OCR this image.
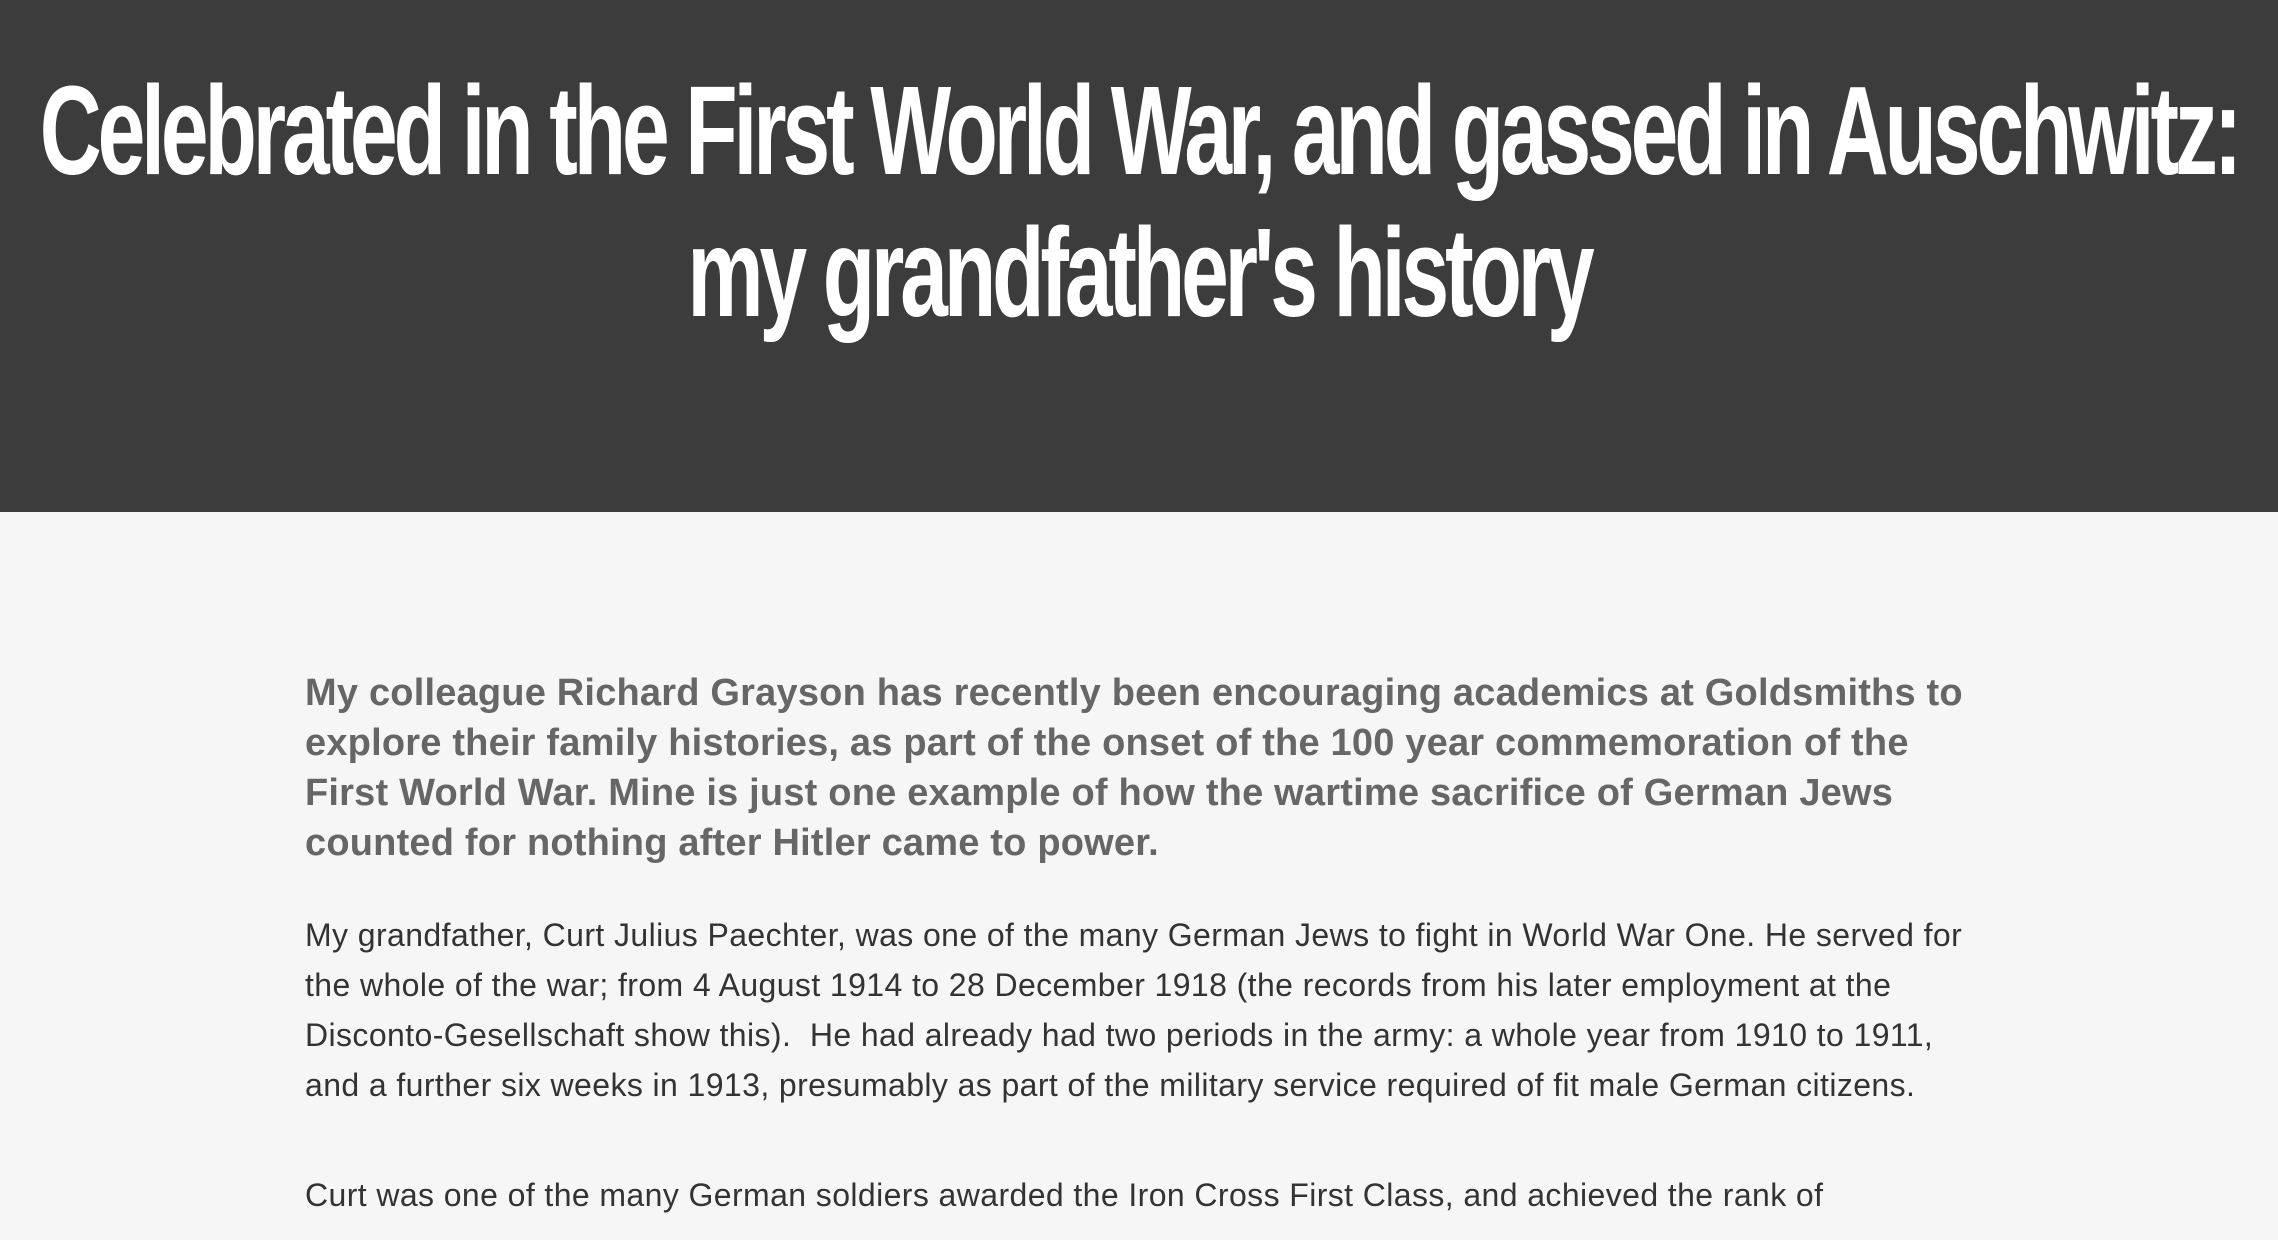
Celebrated in the First World War, and gassed in Auschwitz: my grandfather's history

My colleague Richard Grayson has recently been encouraging academics at Goldsmiths to explore their family histories, as part of the onset of the 100 year commemoration of the First World War. Mine is just one example of how the wartime sacrifice of German Jews counted for nothing after Hitler came to power.

My grandfather, Curt Julius Paechter, was one of the many German Jews to fight in World War One. He served for the whole of the war; from 4 August 1914 to 28 December 1918 (the records from his later employment at the Disconto-Gesellschaft show this).  He had already had two periods in the army: a whole year from 1910 to 1911, and a further six weeks in 1913, presumably as part of the military service required of fit male German citizens.

Curt was one of the many German soldiers awarded the Iron Cross First Class, and achieved the rank of
